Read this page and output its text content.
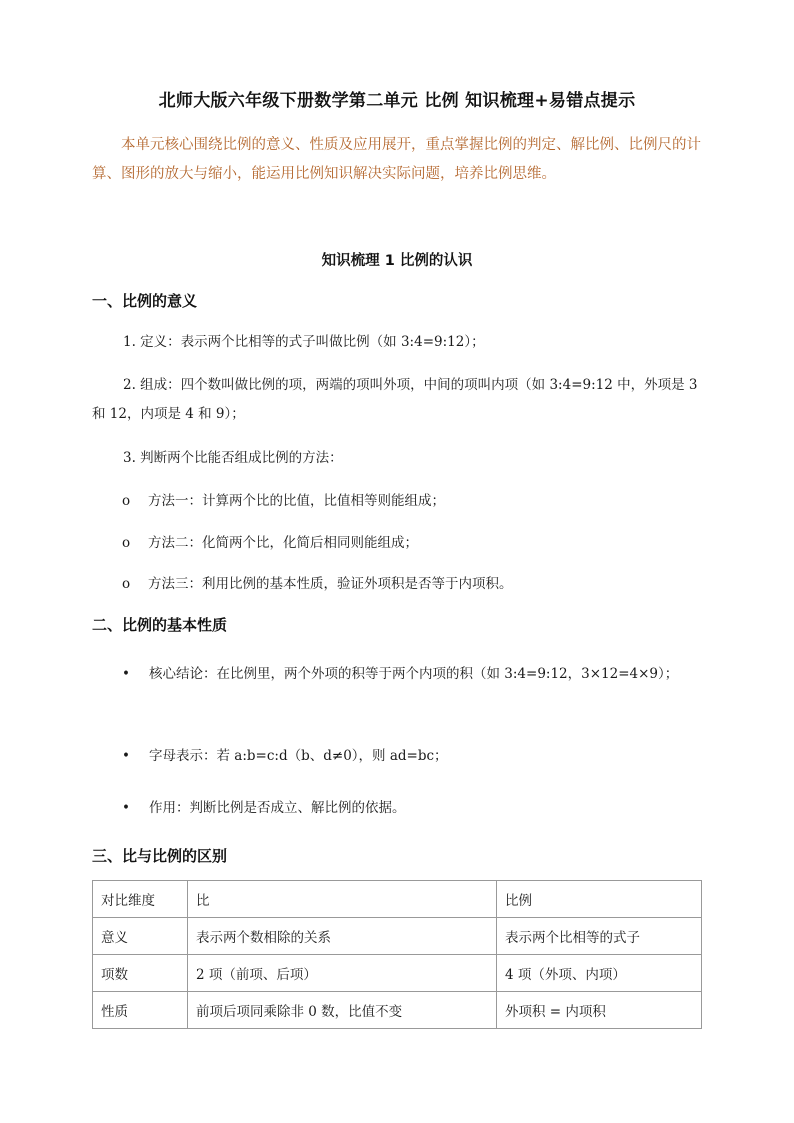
北师大版六年级下册数学第二单元 比例 知识梳理+易错点提示
本单元核心围绕比例的意义、性质及应用展开，重点掌握比例的判定、解比例、比例尺的计算、图形的放大与缩小，能运用比例知识解决实际问题，培养比例思维。
知识梳理 1 比例的认识
一、比例的意义
1. 定义：表示两个比相等的式子叫做比例（如 3:4=9:12）；
2. 组成：四个数叫做比例的项，两端的项叫外项，中间的项叫内项（如 3:4=9:12 中，外项是 3 和 12，内项是 4 和 9）；
3. 判断两个比能否组成比例的方法：
o 方法一：计算两个比的比值，比值相等则能组成；
o 方法二：化简两个比，化简后相同则能组成；
o 方法三：利用比例的基本性质，验证外项积是否等于内项积。
二、比例的基本性质
• 核心结论：在比例里，两个外项的积等于两个内项的积（如 3:4=9:12，3×12=4×9）；
• 字母表示：若 a:b=c:d（b、d≠0），则 ad=bc；
• 作用：判断比例是否成立、解比例的依据。
三、比与比例的区别
对比维度	比	比例
意义	表示两个数相除的关系	表示两个比相等的式子
项数	2 项（前项、后项）	4 项（外项、内项）
性质	前项后项同乘除非 0 数，比值不变	外项积 = 内项积
